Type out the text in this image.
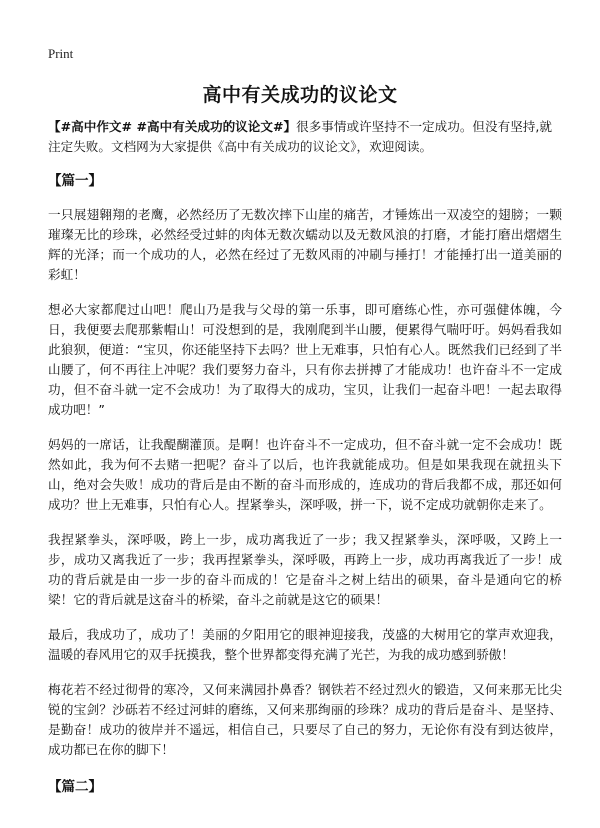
Print
高中有关成功的议论文

【#高中作文# #高中有关成功的议论文#】很多事情或许坚持不一定成功。但没有坚持,就注定失败。文档网为大家提供《高中有关成功的议论文》，欢迎阅读。

【篇一】

一只展翅翱翔的老鹰，必然经历了无数次摔下山崖的痛苦，才锤炼出一双凌空的翅膀；一颗璀璨无比的珍珠，必然经受过蚌的肉体无数次蠕动以及无数风浪的打磨，才能打磨出熠熠生辉的光泽；而一个成功的人，必然在经过了无数风雨的冲刷与捶打！才能捶打出一道美丽的彩虹！

想必大家都爬过山吧！爬山乃是我与父母的第一乐事，即可磨练心性，亦可强健体魄，今日，我便要去爬那紫帽山！可没想到的是，我刚爬到半山腰，便累得气喘吁吁。妈妈看我如此狼狈，便道：“宝贝，你还能坚持下去吗？世上无难事，只怕有心人。既然我们已经到了半山腰了，何不再往上冲呢？我们要努力奋斗，只有你去拼搏了才能成功！也许奋斗不一定成功，但不奋斗就一定不会成功！为了取得大的成功，宝贝，让我们一起奋斗吧！一起去取得成功吧！”

妈妈的一席话，让我醍醐灌顶。是啊！也许奋斗不一定成功，但不奋斗就一定不会成功！既然如此，我为何不去赌一把呢？奋斗了以后，也许我就能成功。但是如果我现在就扭头下山，绝对会失败！成功的背后是由不断的奋斗而形成的，连成功的背后我都不成，那还如何成功？世上无难事，只怕有心人。捏紧拳头，深呼吸，拼一下，说不定成功就朝你走来了。

我捏紧拳头，深呼吸，跨上一步，成功离我近了一步；我又捏紧拳头，深呼吸，又跨上一步，成功又离我近了一步；我再捏紧拳头，深呼吸，再跨上一步，成功再离我近了一步！成功的背后就是由一步一步的奋斗而成的！它是奋斗之树上结出的硕果，奋斗是通向它的桥梁！它的背后就是这奋斗的桥梁，奋斗之前就是这它的硕果！

最后，我成功了，成功了！美丽的夕阳用它的眼神迎接我，茂盛的大树用它的掌声欢迎我，温暖的春风用它的双手抚摸我，整个世界都变得充满了光芒，为我的成功感到骄傲！

梅花若不经过彻骨的寒冷，又何来满园扑鼻香？钢铁若不经过烈火的锻造，又何来那无比尖锐的宝剑？沙砾若不经过河蚌的磨练，又何来那绚丽的珍珠？成功的背后是奋斗、是坚持、是勤奋！成功的彼岸并不遥远，相信自己，只要尽了自己的努力，无论你有没有到达彼岸，成功都已在你的脚下！

【篇二】
